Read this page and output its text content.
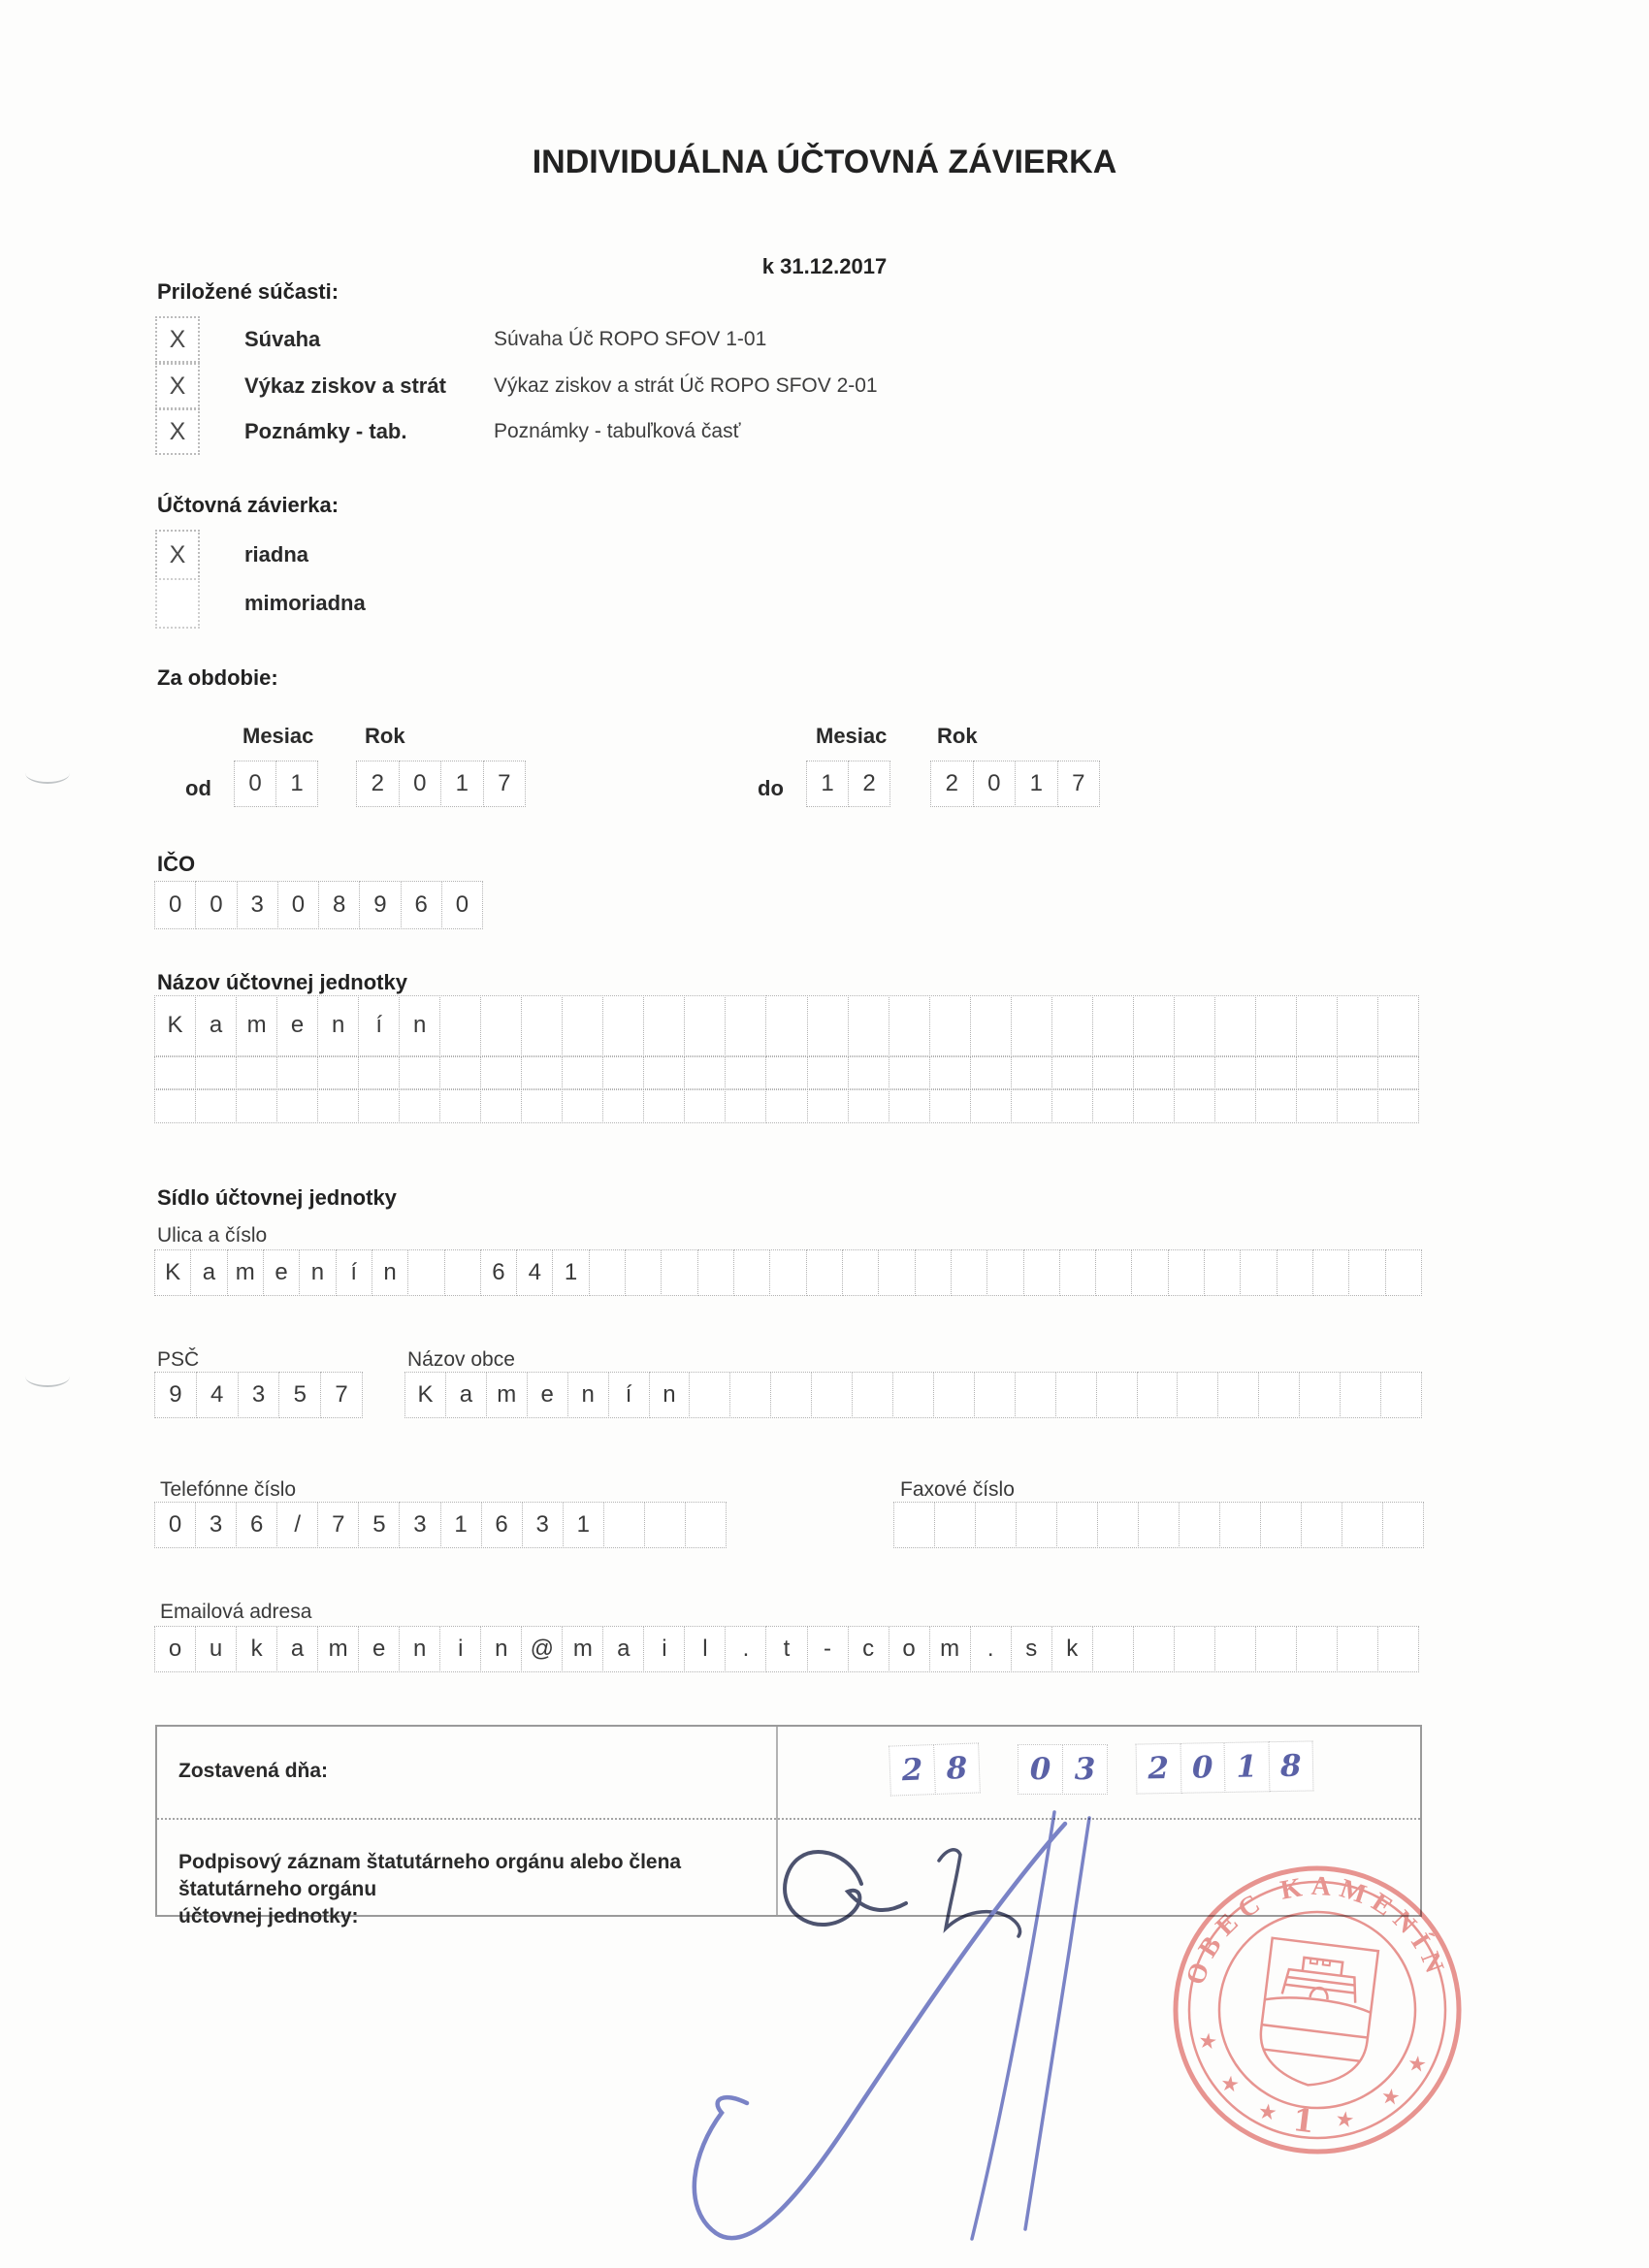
INDIVIDUÁLNA ÚČTOVNÁ ZÁVIERKA
k 31.12.2017
Priložené súčasti:
X	Súvaha	Súvaha Úč ROPO SFOV 1-01
X	Výkaz ziskov a strát	Výkaz ziskov a strát Úč ROPO SFOV 2-01
X	Poznámky - tab.	Poznámky - tabuľková časť
Účtovná závierka:
X	riadna
mimoriadna
Za obdobie:
Mesiac Rok
od	0	1	2	0	1	7
Mesiac Rok
do	1	2	2	0	1	7
IČO
0	0	3	0	8	9	6	0
Názov účtovnej jednotky
K	a	m	e	n	í	n
Sídlo účtovnej jednotky
Ulica a číslo
K a m e n	í	n	6 4 1
PSČ
9	4	3	5	7
Názov obce
K	a	m	e	n	í	n
Telefónne číslo
0	3	6	/	7	5	3	1	6	3	1
Faxové číslo
Emailová adresa
o	u	k	a	m	e	n	i	n @ m	a	i	l	.	t	-	c	o	m	.	s	k
Zostavená dňa:	2 8	0 3	2 0 1 8
Podpisový záznam štatutárneho orgánu alebo člena štatutárneho orgánu
účtovnej jednotky:
OBEC KAMENÍN
★
★
★	★
★
★
1
